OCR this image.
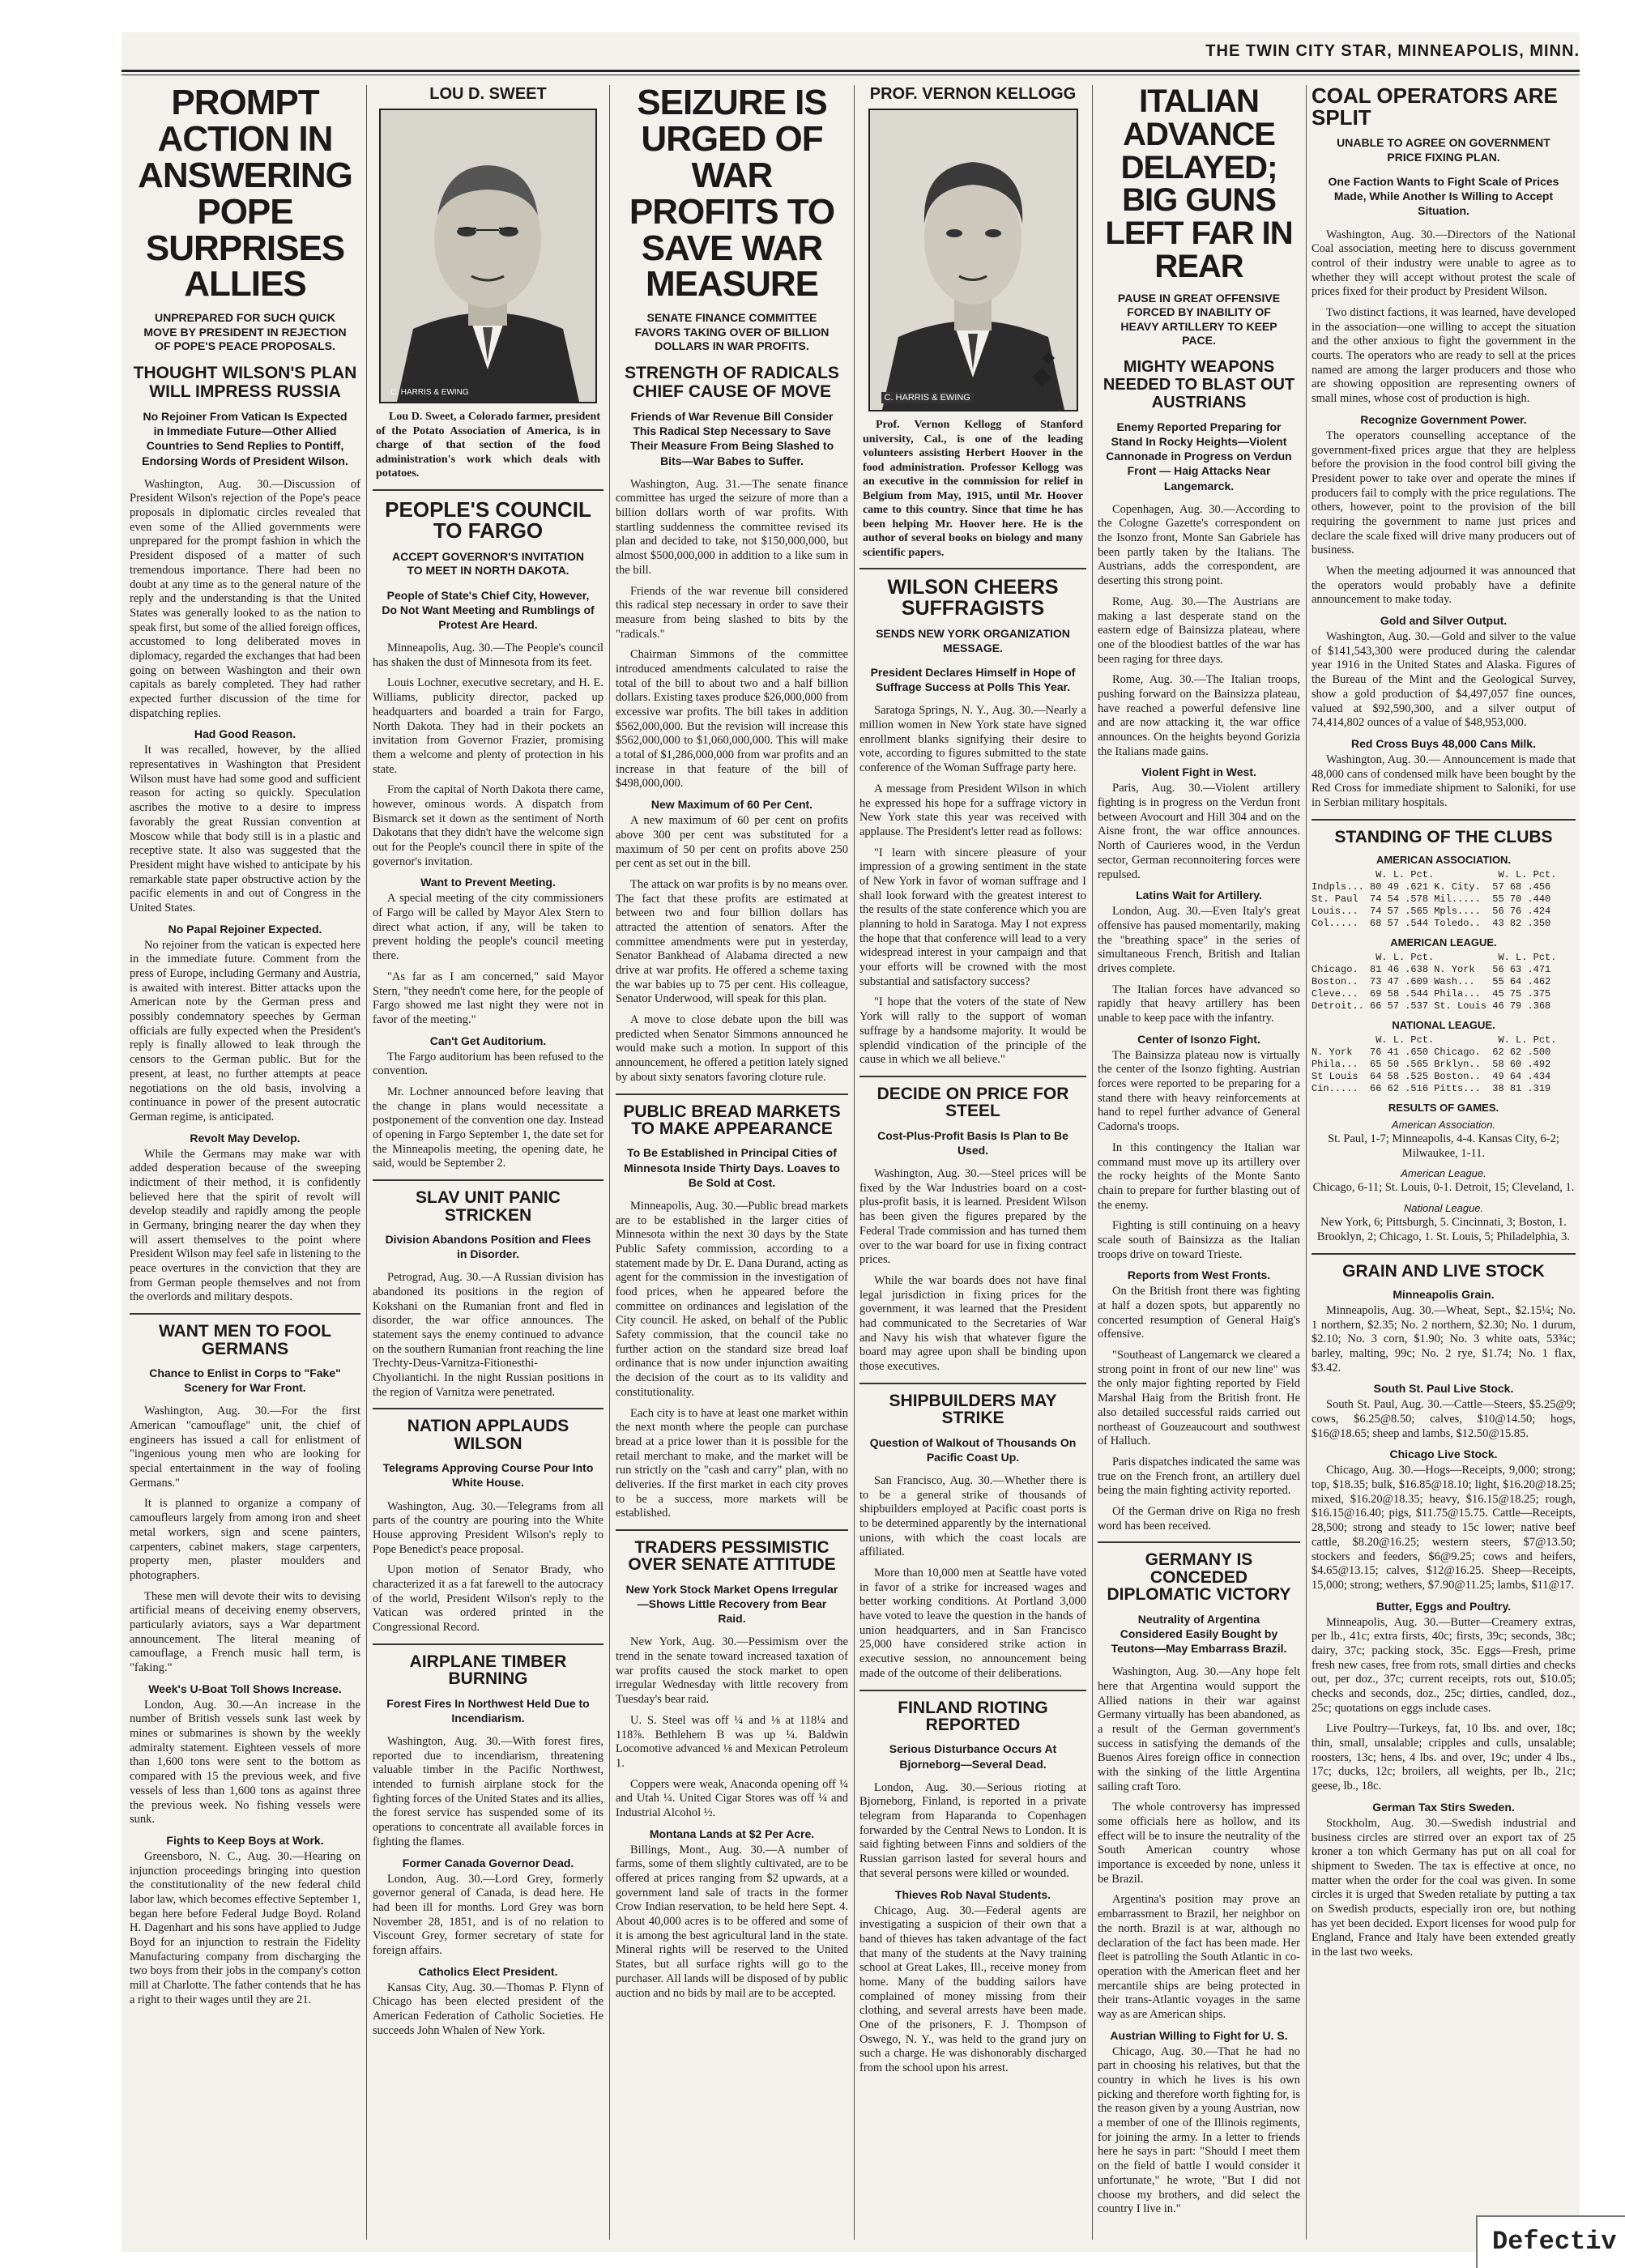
THE TWIN CITY STAR, MINNEAPOLIS, MINN.
PROMPT ACTION IN ANSWERING POPE SURPRISES ALLIES
UNPREPARED FOR SUCH QUICK MOVE BY PRESIDENT IN REJECTION OF POPE'S PEACE PROPOSALS.
THOUGHT WILSON'S PLAN WILL IMPRESS RUSSIA
No Rejoiner From Vatican Is Expected in Immediate Future—Other Allied Countries to Send Replies to Pontiff, Endorsing Words of President Wilson.

Washington, Aug. 30.—Discussion of President Wilson's rejection of the Pope's peace proposals in diplomatic circles revealed that even some of the Allied governments were unprepared for the prompt fashion in which the President disposed of a matter of such tremendous importance. There had been no doubt at any time as to the general nature of the reply and the understanding is that the United States was generally looked to as the nation to speak first, but some of the allied foreign offices, accustomed to long deliberated moves in diplomacy, regarded the exchanges that had been going on between Washington and their own capitals as barely completed. They had rather expected further discussion of the time for dispatching replies.

Had Good Reason.

It was recalled, however, by the allied representatives in Washington that President Wilson must have had some good and sufficient reason for acting so quickly. Speculation ascribes the motive to a desire to impress favorably the great Russian convention at Moscow while that body still is in a plastic and receptive state. It also was suggested that the President might have wished to anticipate by his remarkable state paper obstructive action by the pacific elements in and out of Congress in the United States.

No Papal Rejoiner Expected.

No rejoiner from the vatican is expected here in the immediate future. Comment from the press of Europe, including Germany and Austria, is awaited with interest. Bitter attacks upon the American note by the German press and possibly condemnatory speeches by German officials are fully expected when the President's reply is finally allowed to leak through the censors to the German public. But for the present, at least, no further attempts at peace negotiations on the old basis, involving a continuance in power of the present autocratic German regime, is anticipated.

Revolt May Develop.

While the Germans may make war with added desperation because of the sweeping indictment of their method, it is confidently believed here that the spirit of revolt will develop steadily and rapidly among the people in Germany, bringing nearer the day when they will assert themselves to the point where President Wilson may feel safe in listening to the peace overtures in the conviction that they are from German people themselves and not from the overlords and military despots.

WANT MEN TO FOOL GERMANS
Chance to Enlist in Corps to "Fake" Scenery for War Front.

Washington, Aug. 30.—For the first American "camouflage" unit, the chief of engineers has issued a call for enlistment of "ingenious young men who are looking for special entertainment in the way of fooling Germans."

It is planned to organize a company of camoufleurs largely from among iron and sheet metal workers, sign and scene painters, carpenters, cabinet makers, stage carpenters, property men, plaster moulders and photographers.

These men will devote their wits to devising artificial means of deceiving enemy observers, particularly aviators, says a War department announcement. The literal meaning of camouflage, a French music hall term, is "faking."

Week's U-Boat Toll Shows Increase.

London, Aug. 30.—An increase in the number of British vessels sunk last week by mines or submarines is shown by the weekly admiralty statement. Eighteen vessels of more than 1,600 tons were sent to the bottom as compared with 15 the previous week, and five vessels of less than 1,600 tons as against three the previous week. No fishing vessels were sunk.

Fights to Keep Boys at Work.

Greensboro, N. C., Aug. 30.—Hearing on injunction proceedings bringing into question the constitutionality of the new federal child labor law, which becomes effective September 1, began here before Federal Judge Boyd. Roland H. Dagenhart and his sons have applied to Judge Boyd for an injunction to restrain the Fidelity Manufacturing company from discharging the two boys from their jobs in the company's cotton mill at Charlotte. The father contends that he has a right to their wages until they are 21.

LOU D. SWEET
C. HARRIS & EWING

Lou D. Sweet, a Colorado farmer, president of the Potato Association of America, is in charge of that section of the food administration's work which deals with potatoes.

PEOPLE'S COUNCIL TO FARGO
ACCEPT GOVERNOR'S INVITATION TO MEET IN NORTH DAKOTA.
People of State's Chief City, However, Do Not Want Meeting and Rumblings of Protest Are Heard.

Minneapolis, Aug. 30.—The People's council has shaken the dust of Minnesota from its feet.

Louis Lochner, executive secretary, and H. E. Williams, publicity director, packed up headquarters and boarded a train for Fargo, North Dakota. They had in their pockets an invitation from Governor Frazier, promising them a welcome and plenty of protection in his state.

From the capital of North Dakota there came, however, ominous words. A dispatch from Bismarck set it down as the sentiment of North Dakotans that they didn't have the welcome sign out for the People's council there in spite of the governor's invitation.

Want to Prevent Meeting.

A special meeting of the city commissioners of Fargo will be called by Mayor Alex Stern to direct what action, if any, will be taken to prevent holding the people's council meeting there.

"As far as I am concerned," said Mayor Stern, "they needn't come here, for the people of Fargo showed me last night they were not in favor of the meeting."

Can't Get Auditorium.

The Fargo auditorium has been refused to the convention.

Mr. Lochner announced before leaving that the change in plans would necessitate a postponement of the convention one day. Instead of opening in Fargo September 1, the date set for the Minneapolis meeting, the opening date, he said, would be September 2.

SLAV UNIT PANIC STRICKEN
Division Abandons Position and Flees in Disorder.

Petrograd, Aug. 30.—A Russian division has abandoned its positions in the region of Kokshani on the Rumanian front and fled in disorder, the war office announces. The statement says the enemy continued to advance on the southern Rumanian front reaching the line Trechty-Deus-Varnitza-Fitionesthi-Chyoliantichi. In the night Russian positions in the region of Varnitza were penetrated.

NATION APPLAUDS WILSON
Telegrams Approving Course Pour Into White House.

Washington, Aug. 30.—Telegrams from all parts of the country are pouring into the White House approving President Wilson's reply to Pope Benedict's peace proposal.

Upon motion of Senator Brady, who characterized it as a fat farewell to the autocracy of the world, President Wilson's reply to the Vatican was ordered printed in the Congressional Record.

AIRPLANE TIMBER BURNING
Forest Fires In Northwest Held Due to Incendiarism.

Washington, Aug. 30.—With forest fires, reported due to incendiarism, threatening valuable timber in the Pacific Northwest, intended to furnish airplane stock for the fighting forces of the United States and its allies, the forest service has suspended some of its operations to concentrate all available forces in fighting the flames.

Former Canada Governor Dead.

London, Aug. 30.—Lord Grey, formerly governor general of Canada, is dead here. He had been ill for months. Lord Grey was born November 28, 1851, and is of no relation to Viscount Grey, former secretary of state for foreign affairs.

Catholics Elect President.

Kansas City, Aug. 30.—Thomas P. Flynn of Chicago has been elected president of the American Federation of Catholic Societies. He succeeds John Whalen of New York.

SEIZURE IS URGED OF WAR PROFITS TO SAVE WAR MEASURE
SENATE FINANCE COMMITTEE FAVORS TAKING OVER OF BILLION DOLLARS IN WAR PROFITS.
STRENGTH OF RADICALS CHIEF CAUSE OF MOVE
Friends of War Revenue Bill Consider This Radical Step Necessary to Save Their Measure From Being Slashed to Bits—War Babes to Suffer.

Washington, Aug. 31.—The senate finance committee has urged the seizure of more than a billion dollars worth of war profits. With startling suddenness the committee revised its plan and decided to take, not $150,000,000, but almost $500,000,000 in addition to a like sum in the bill.

Friends of the war revenue bill considered this radical step necessary in order to save their measure from being slashed to bits by the "radicals."

Chairman Simmons of the committee introduced amendments calculated to raise the total of the bill to about two and a half billion dollars. Existing taxes produce $26,000,000 from excessive war profits. The bill takes in addition $562,000,000. But the revision will increase this $562,000,000 to $1,060,000,000. This will make a total of $1,286,000,000 from war profits and an increase in that feature of the bill of $498,000,000.

New Maximum of 60 Per Cent.

A new maximum of 60 per cent on profits above 300 per cent was substituted for a maximum of 50 per cent on profits above 250 per cent as set out in the bill.

The attack on war profits is by no means over. The fact that these profits are estimated at between two and four billion dollars has attracted the attention of senators. After the committee amendments were put in yesterday, Senator Bankhead of Alabama directed a new drive at war profits. He offered a scheme taxing the war babies up to 75 per cent. His colleague, Senator Underwood, will speak for this plan.

A move to close debate upon the bill was predicted when Senator Simmons announced he would make such a motion. In support of this announcement, he offered a petition lately signed by about sixty senators favoring cloture rule.

PUBLIC BREAD MARKETS TO MAKE APPEARANCE
To Be Established in Principal Cities of Minnesota Inside Thirty Days. Loaves to Be Sold at Cost.

Minneapolis, Aug. 30.—Public bread markets are to be established in the larger cities of Minnesota within the next 30 days by the State Public Safety commission, according to a statement made by Dr. E. Dana Durand, acting as agent for the commission in the investigation of food prices, when he appeared before the committee on ordinances and legislation of the City council. He asked, on behalf of the Public Safety commission, that the council take no further action on the standard size bread loaf ordinance that is now under injunction awaiting the decision of the court as to its validity and constitutionality.

Each city is to have at least one market within the next month where the people can purchase bread at a price lower than it is possible for the retail merchant to make, and the market will be run strictly on the "cash and carry" plan, with no deliveries. If the first market in each city proves to be a success, more markets will be established.

TRADERS PESSIMISTIC OVER SENATE ATTITUDE
New York Stock Market Opens Irregular—Shows Little Recovery from Bear Raid.

New York, Aug. 30.—Pessimism over the trend in the senate toward increased taxation of war profits caused the stock market to open irregular Wednesday with little recovery from Tuesday's bear raid.

U. S. Steel was off ¼ and ⅛ at 118¼ and 118⅞. Bethlehem B was up ¼. Baldwin Locomotive advanced ⅛ and Mexican Petroleum 1.

Coppers were weak, Anaconda opening off ¼ and Utah ¼. United Cigar Stores was off ¼ and Industrial Alcohol ½.

Montana Lands at $2 Per Acre.

Billings, Mont., Aug. 30.—A number of farms, some of them slightly cultivated, are to be offered at prices ranging from $2 upwards, at a government land sale of tracts in the former Crow Indian reservation, to be held here Sept. 4. About 40,000 acres is to be offered and some of it is among the best agricultural land in the state. Mineral rights will be reserved to the United States, but all surface rights will go to the purchaser. All lands will be disposed of by public auction and no bids by mail are to be accepted.

PROF. VERNON KELLOGG
C. HARRIS & EWING

Prof. Vernon Kellogg of Stanford university, Cal., is one of the leading volunteers assisting Herbert Hoover in the food administration. Professor Kellogg was an executive in the commission for relief in Belgium from May, 1915, until Mr. Hoover came to this country. Since that time he has been helping Mr. Hoover here. He is the author of several books on biology and many scientific papers.

WILSON CHEERS SUFFRAGISTS
SENDS NEW YORK ORGANIZATION MESSAGE.
President Declares Himself in Hope of Suffrage Success at Polls This Year.

Saratoga Springs, N. Y., Aug. 30.—Nearly a million women in New York state have signed enrollment blanks signifying their desire to vote, according to figures submitted to the state conference of the Woman Suffrage party here.

A message from President Wilson in which he expressed his hope for a suffrage victory in New York state this year was received with applause. The President's letter read as follows:

"I learn with sincere pleasure of your impression of a growing sentiment in the state of New York in favor of woman suffrage and I shall look forward with the greatest interest to the results of the state conference which you are planning to hold in Saratoga. May I not express the hope that that conference will lead to a very widespread interest in your campaign and that your efforts will be crowned with the most substantial and satisfactory success?

"I hope that the voters of the state of New York will rally to the support of woman suffrage by a handsome majority. It would be splendid vindication of the principle of the cause in which we all believe."

DECIDE ON PRICE FOR STEEL
Cost-Plus-Profit Basis Is Plan to Be Used.

Washington, Aug. 30.—Steel prices will be fixed by the War Industries board on a cost-plus-profit basis, it is learned. President Wilson has been given the figures prepared by the Federal Trade commission and has turned them over to the war board for use in fixing contract prices.

While the war boards does not have final legal jurisdiction in fixing prices for the government, it was learned that the President had communicated to the Secretaries of War and Navy his wish that whatever figure the board may agree upon shall be binding upon those executives.

SHIPBUILDERS MAY STRIKE
Question of Walkout of Thousands On Pacific Coast Up.

San Francisco, Aug. 30.—Whether there is to be a general strike of thousands of shipbuilders employed at Pacific coast ports is to be determined apparently by the international unions, with which the coast locals are affiliated.

More than 10,000 men at Seattle have voted in favor of a strike for increased wages and better working conditions. At Portland 3,000 have voted to leave the question in the hands of union headquarters, and in San Francisco 25,000 have considered strike action in executive session, no announcement being made of the outcome of their deliberations.

FINLAND RIOTING REPORTED
Serious Disturbance Occurs At Bjorneborg—Several Dead.

London, Aug. 30.—Serious rioting at Bjorneborg, Finland, is reported in a private telegram from Haparanda to Copenhagen forwarded by the Central News to London. It is said fighting between Finns and soldiers of the Russian garrison lasted for several hours and that several persons were killed or wounded.

Thieves Rob Naval Students.

Chicago, Aug. 30.—Federal agents are investigating a suspicion of their own that a band of thieves has taken advantage of the fact that many of the students at the Navy training school at Great Lakes, Ill., receive money from home. Many of the budding sailors have complained of money missing from their clothing, and several arrests have been made. One of the prisoners, F. J. Thompson of Oswego, N. Y., was held to the grand jury on such a charge. He was dishonorably discharged from the school upon his arrest.

ITALIAN ADVANCE DELAYED; BIG GUNS LEFT FAR IN REAR
PAUSE IN GREAT OFFENSIVE FORCED BY INABILITY OF HEAVY ARTILLERY TO KEEP PACE.
MIGHTY WEAPONS NEEDED TO BLAST OUT AUSTRIANS
Enemy Reported Preparing for Stand In Rocky Heights—Violent Cannonade in Progress on Verdun Front — Haig Attacks Near Langemarck.

Copenhagen, Aug. 30.—According to the Cologne Gazette's correspondent on the Isonzo front, Monte San Gabriele has been partly taken by the Italians. The Austrians, adds the correspondent, are deserting this strong point.

Rome, Aug. 30.—The Austrians are making a last desperate stand on the eastern edge of Bainsizza plateau, where one of the bloodiest battles of the war has been raging for three days.

Rome, Aug. 30.—The Italian troops, pushing forward on the Bainsizza plateau, have reached a powerful defensive line and are now attacking it, the war office announces. On the heights beyond Gorizia the Italians made gains.

Violent Fight in West.

Paris, Aug. 30.—Violent artillery fighting is in progress on the Verdun front between Avocourt and Hill 304 and on the Aisne front, the war office announces. North of Caurieres wood, in the Verdun sector, German reconnoitering forces were repulsed.

Latins Wait for Artillery.

London, Aug. 30.—Even Italy's great offensive has paused momentarily, making the "breathing space" in the series of simultaneous French, British and Italian drives complete.

The Italian forces have advanced so rapidly that heavy artillery has been unable to keep pace with the infantry.

Center of Isonzo Fight.

The Bainsizza plateau now is virtually the center of the Isonzo fighting. Austrian forces were reported to be preparing for a stand there with heavy reinforcements at hand to repel further advance of General Cadorna's troops.

In this contingency the Italian war command must move up its artillery over the rocky heights of the Monte Santo chain to prepare for further blasting out of the enemy.

Fighting is still continuing on a heavy scale south of Bainsizza as the Italian troops drive on toward Trieste.

Reports from West Fronts.

On the British front there was fighting at half a dozen spots, but apparently no concerted resumption of General Haig's offensive.

"Southeast of Langemarck we cleared a strong point in front of our new line" was the only major fighting reported by Field Marshal Haig from the British front. He also detailed successful raids carried out northeast of Gouzeaucourt and southwest of Halluch.

Paris dispatches indicated the same was true on the French front, an artillery duel being the main fighting activity reported.

Of the German drive on Riga no fresh word has been received.

GERMANY IS CONCEDED DIPLOMATIC VICTORY
Neutrality of Argentina Considered Easily Bought by Teutons—May Embarrass Brazil.

Washington, Aug. 30.—Any hope felt here that Argentina would support the Allied nations in their war against Germany virtually has been abandoned, as a result of the German government's success in satisfying the demands of the Buenos Aires foreign office in connection with the sinking of the little Argentina sailing craft Toro.

The whole controversy has impressed some officials here as hollow, and its effect will be to insure the neutrality of the South American country whose importance is exceeded by none, unless it be Brazil.

Argentina's position may prove an embarrassment to Brazil, her neighbor on the north. Brazil is at war, although no declaration of the fact has been made. Her fleet is patrolling the South Atlantic in co-operation with the American fleet and her mercantile ships are being protected in their trans-Atlantic voyages in the same way as are American ships.

Austrian Willing to Fight for U. S.

Chicago, Aug. 30.—That he had no part in choosing his relatives, but that the country in which he lives is his own picking and therefore worth fighting for, is the reason given by a young Austrian, now a member of one of the Illinois regiments, for joining the army. In a letter to friends here he says in part: "Should I meet them on the field of battle I would consider it unfortunate," he wrote, "But I did not choose my brothers, and did select the country I live in."

COAL OPERATORS ARE SPLIT
UNABLE TO AGREE ON GOVERNMENT PRICE FIXING PLAN.
One Faction Wants to Fight Scale of Prices Made, While Another Is Willing to Accept Situation.

Washington, Aug. 30.—Directors of the National Coal association, meeting here to discuss government control of their industry were unable to agree as to whether they will accept without protest the scale of prices fixed for their product by President Wilson.

Two distinct factions, it was learned, have developed in the association—one willing to accept the situation and the other anxious to fight the government in the courts. The operators who are ready to sell at the prices named are among the larger producers and those who are showing opposition are representing owners of small mines, whose cost of production is high.

Recognize Government Power.

The operators counselling acceptance of the government-fixed prices argue that they are helpless before the provision in the food control bill giving the President power to take over and operate the mines if producers fail to comply with the price regulations. The others, however, point to the provision of the bill requiring the government to name just prices and declare the scale fixed will drive many producers out of business.

When the meeting adjourned it was announced that the operators would probably have a definite announcement to make today.

Gold and Silver Output.

Washington, Aug. 30.—Gold and silver to the value of $141,543,300 were produced during the calendar year 1916 in the United States and Alaska. Figures of the Bureau of the Mint and the Geological Survey, show a gold production of $4,497,057 fine ounces, valued at $92,590,300, and a silver output of 74,414,802 ounces of a value of $48,953,000.

Red Cross Buys 48,000 Cans Milk.

Washington, Aug. 30.— Announcement is made that 48,000 cans of condensed milk have been bought by the Red Cross for immediate shipment to Saloniki, for use in Serbian military hospitals.

STANDING OF THE CLUBS
AMERICAN ASSOCIATION.
W. L. Pct.           W. L. Pct.
Indpls... 80 49 .621 K. City.  57 68 .456
St. Paul  74 54 .578 Mil.....  55 70 .440
Louis...  74 57 .565 Mpls....  56 76 .424
Col.....  68 57 .544 Toledo..  43 82 .350
AMERICAN LEAGUE.
W. L. Pct.           W. L. Pct.
Chicago.  81 46 .638 N. York   56 63 .471
Boston..  73 47 .609 Wash...   55 64 .462
Cleve...  69 58 .544 Phila...  45 75 .375
Detroit.. 66 57 .537 St. Louis 46 79 .368
NATIONAL LEAGUE.
W. L. Pct.           W. L. Pct.
N. York   76 41 .650 Chicago.  62 62 .500
Phila...  65 50 .565 Brklyn..  58 60 .492
St Louis  64 58 .525 Boston..  49 64 .434
Cin.....  66 62 .516 Pitts...  38 81 .319
RESULTS OF GAMES.
American Association.

St. Paul, 1-7; Minneapolis, 4-4. Kansas City, 6-2; Milwaukee, 1-11.

American League.

Chicago, 6-11; St. Louis, 0-1. Detroit, 15; Cleveland, 1.

National League.

New York, 6; Pittsburgh, 5. Cincinnati, 3; Boston, 1. Brooklyn, 2; Chicago, 1. St. Louis, 5; Philadelphia, 3.

GRAIN AND LIVE STOCK
Minneapolis Grain.

Minneapolis, Aug. 30.—Wheat, Sept., $2.15¼; No. 1 northern, $2.35; No. 2 northern, $2.30; No. 1 durum, $2.10; No. 3 corn, $1.90; No. 3 white oats, 53¾c; barley, malting, 99c; No. 2 rye, $1.74; No. 1 flax, $3.42.

South St. Paul Live Stock.

South St. Paul, Aug. 30.—Cattle—Steers, $5.25@9; cows, $6.25@8.50; calves, $10@14.50; hogs, $16@18.65; sheep and lambs, $12.50@15.85.

Chicago Live Stock.

Chicago, Aug. 30.—Hogs—Receipts, 9,000; strong; top, $18.35; bulk, $16.85@18.10; light, $16.20@18.25; mixed, $16.20@18.35; heavy, $16.15@18.25; rough, $16.15@16.40; pigs, $11.75@15.75. Cattle—Receipts, 28,500; strong and steady to 15c lower; native beef cattle, $8.20@16.25; western steers, $7@13.50; stockers and feeders, $6@9.25; cows and heifers, $4.65@13.15; calves, $12@16.25. Sheep—Receipts, 15,000; strong; wethers, $7.90@11.25; lambs, $11@17.

Butter, Eggs and Poultry.

Minneapolis, Aug. 30.—Butter—Creamery extras, per lb., 41c; extra firsts, 40c; firsts, 39c; seconds, 38c; dairy, 37c; packing stock, 35c. Eggs—Fresh, prime fresh new cases, free from rots, small dirties and checks out, per doz., 37c; current receipts, rots out, $10.05; checks and seconds, doz., 25c; dirties, candled, doz., 25c; quotations on eggs include cases.

Live Poultry—Turkeys, fat, 10 lbs. and over, 18c; thin, small, unsalable; cripples and culls, unsalable; roosters, 13c; hens, 4 lbs. and over, 19c; under 4 lbs., 17c; ducks, 12c; broilers, all weights, per lb., 21c; geese, lb., 18c.

German Tax Stirs Sweden.

Stockholm, Aug. 30.—Swedish industrial and business circles are stirred over an export tax of 25 kroner a ton which Germany has put on all coal for shipment to Sweden. The tax is effective at once, no matter when the order for the coal was given. In some circles it is urged that Sweden retaliate by putting a tax on Swedish products, especially iron ore, but nothing has yet been decided. Export licenses for wood pulp for England, France and Italy have been extended greatly in the last two weeks.

Defectiv
